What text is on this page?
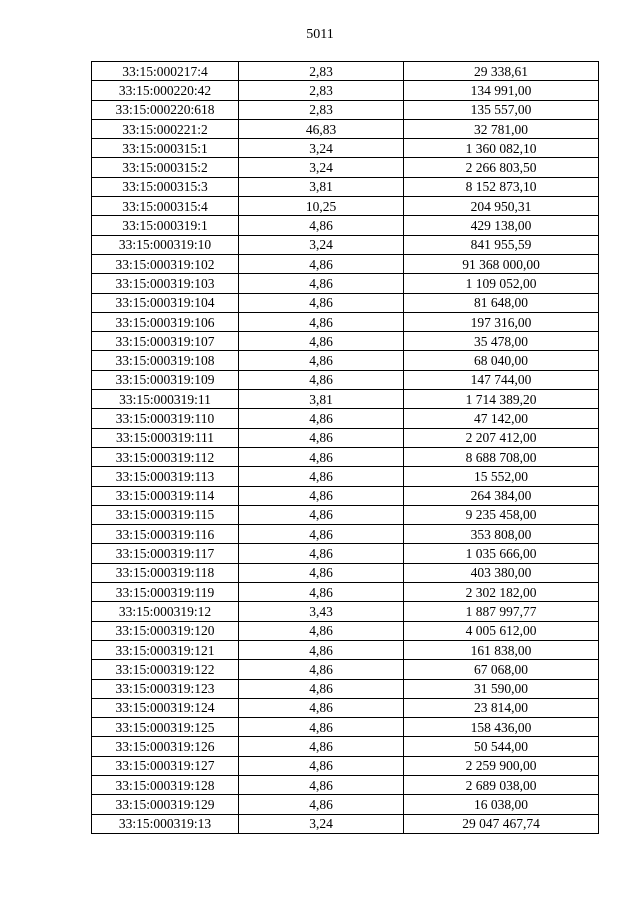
5011
33:15:000217:4	2,83	29 338,61
33:15:000220:42	2,83	134 991,00
33:15:000220:618	2,83	135 557,00
33:15:000221:2	46,83	32 781,00
33:15:000315:1	3,24	1 360 082,10
33:15:000315:2	3,24	2 266 803,50
33:15:000315:3	3,81	8 152 873,10
33:15:000315:4	10,25	204 950,31
33:15:000319:1	4,86	429 138,00
33:15:000319:10	3,24	841 955,59
33:15:000319:102	4,86	91 368 000,00
33:15:000319:103	4,86	1 109 052,00
33:15:000319:104	4,86	81 648,00
33:15:000319:106	4,86	197 316,00
33:15:000319:107	4,86	35 478,00
33:15:000319:108	4,86	68 040,00
33:15:000319:109	4,86	147 744,00
33:15:000319:11	3,81	1 714 389,20
33:15:000319:110	4,86	47 142,00
33:15:000319:111	4,86	2 207 412,00
33:15:000319:112	4,86	8 688 708,00
33:15:000319:113	4,86	15 552,00
33:15:000319:114	4,86	264 384,00
33:15:000319:115	4,86	9 235 458,00
33:15:000319:116	4,86	353 808,00
33:15:000319:117	4,86	1 035 666,00
33:15:000319:118	4,86	403 380,00
33:15:000319:119	4,86	2 302 182,00
33:15:000319:12	3,43	1 887 997,77
33:15:000319:120	4,86	4 005 612,00
33:15:000319:121	4,86	161 838,00
33:15:000319:122	4,86	67 068,00
33:15:000319:123	4,86	31 590,00
33:15:000319:124	4,86	23 814,00
33:15:000319:125	4,86	158 436,00
33:15:000319:126	4,86	50 544,00
33:15:000319:127	4,86	2 259 900,00
33:15:000319:128	4,86	2 689 038,00
33:15:000319:129	4,86	16 038,00
33:15:000319:13	3,24	29 047 467,74
